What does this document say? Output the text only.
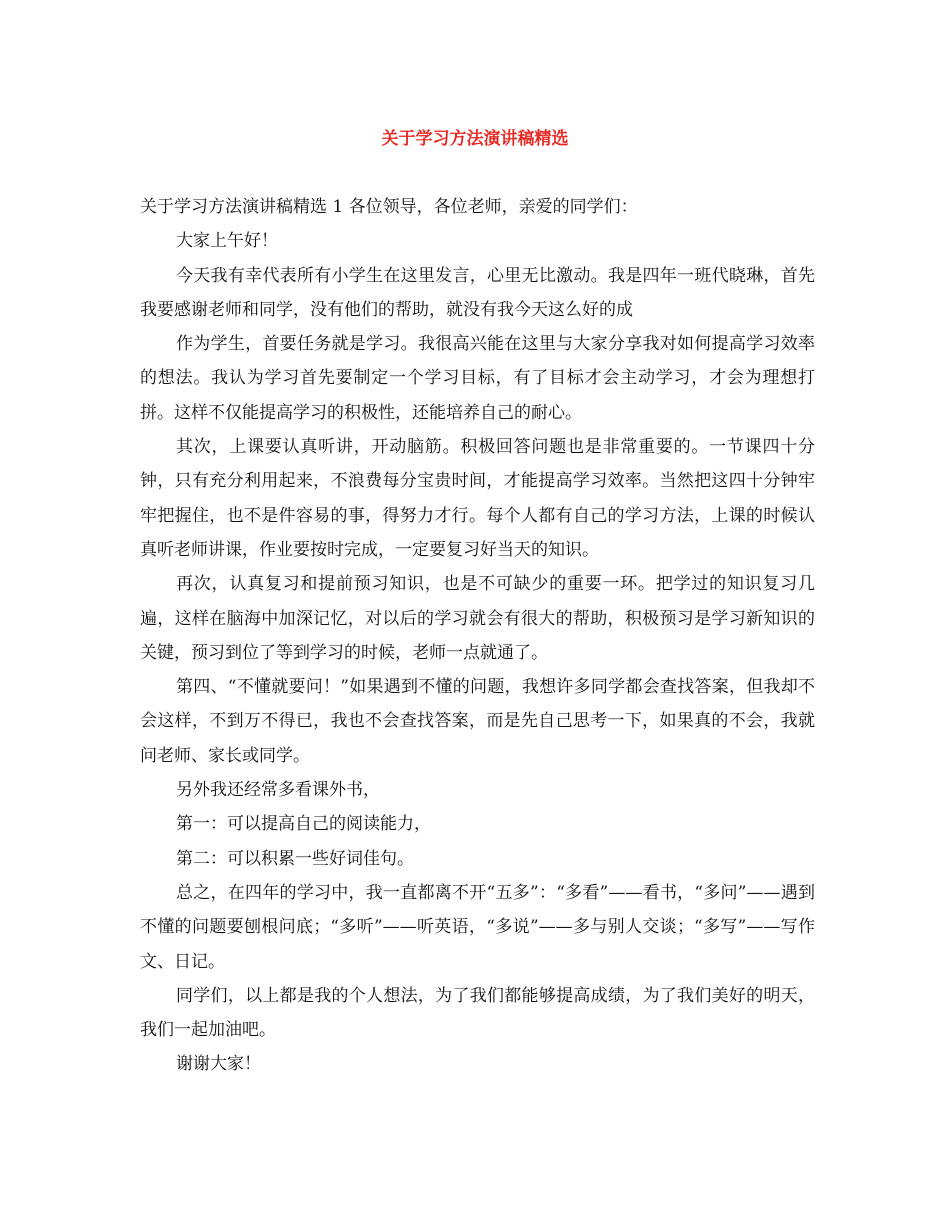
关于学习方法演讲稿精选

关于学习方法演讲稿精选 1 各位领导，各位老师，亲爱的同学们：

大家上午好！

今天我有幸代表所有小学生在这里发言，心里无比激动。我是四年一班代晓琳，首先我要感谢老师和同学，没有他们的帮助，就没有我今天这么好的成

作为学生，首要任务就是学习。我很高兴能在这里与大家分享我对如何提高学习效率的想法。我认为学习首先要制定一个学习目标，有了目标才会主动学习，才会为理想打拼。这样不仅能提高学习的积极性，还能培养自己的耐心。

其次，上课要认真听讲，开动脑筋。积极回答问题也是非常重要的。一节课四十分钟，只有充分利用起来，不浪费每分宝贵时间，才能提高学习效率。当然把这四十分钟牢牢把握住，也不是件容易的事，得努力才行。每个人都有自己的学习方法，上课的时候认真听老师讲课，作业要按时完成，一定要复习好当天的知识。

再次，认真复习和提前预习知识，也是不可缺少的重要一环。把学过的知识复习几遍，这样在脑海中加深记忆，对以后的学习就会有很大的帮助，积极预习是学习新知识的关键，预习到位了等到学习的时候，老师一点就通了。

第四、“不懂就要问！”如果遇到不懂的问题，我想许多同学都会查找答案，但我却不会这样，不到万不得已，我也不会查找答案，而是先自己思考一下，如果真的不会，我就问老师、家长或同学。

另外我还经常多看课外书，

第一：可以提高自己的阅读能力，

第二：可以积累一些好词佳句。

总之，在四年的学习中，我一直都离不开“五多”：“多看”——看书，“多问”——遇到不懂的问题要刨根问底；“多听”——听英语，“多说”——多与别人交谈；“多写”——写作文、日记。

同学们，以上都是我的个人想法，为了我们都能够提高成绩，为了我们美好的明天，我们一起加油吧。

谢谢大家！
